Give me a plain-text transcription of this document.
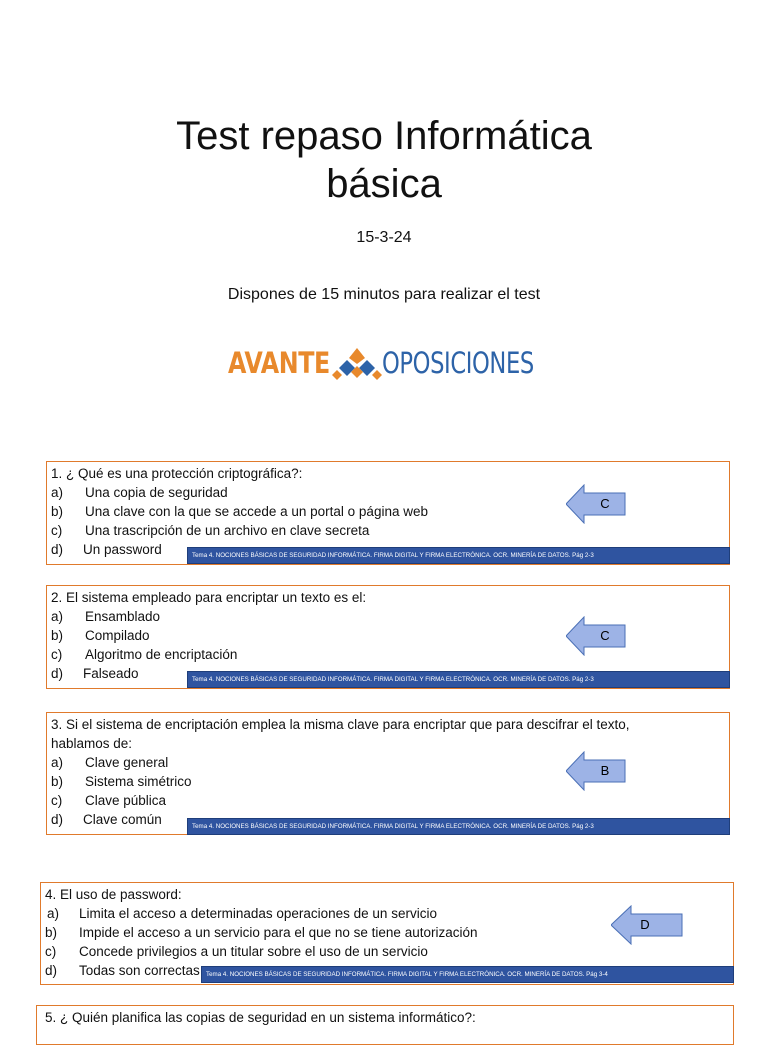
Test repaso Informática
básica
15-3-24
Dispones de 15 minutos para realizar el test
AVANTE OPOSICIONES
1. ¿ Qué es una protección criptográfica?:
a)	Una copia de seguridad
b)	Una clave con la que se accede a un portal o página web
c)	Una trascripción de un archivo en clave secreta
d)	Un password	Tema 4. NOCIONES BÁSICAS DE SEGURIDAD INFORMÁTICA. FIRMA DIGITAL Y FIRMA ELECTRÓNICA. OCR. MINERÍA DE DATOS. Pág 2-3
C
2. El sistema empleado para encriptar un texto es el:
a)	Ensamblado
b)	Compilado
c)	Algoritmo de encriptación
d)	Falseado	Tema 4. NOCIONES BÁSICAS DE SEGURIDAD INFORMÁTICA. FIRMA DIGITAL Y FIRMA ELECTRÓNICA. OCR. MINERÍA DE DATOS. Pág 2-3
C
3. Si el sistema de encriptación emplea la misma clave para encriptar que para descifrar el texto,
hablamos de:
a)	Clave general
b)	Sistema simétrico
c)	Clave pública
d)	Clave común	Tema 4. NOCIONES BÁSICAS DE SEGURIDAD INFORMÁTICA. FIRMA DIGITAL Y FIRMA ELECTRÓNICA. OCR. MINERÍA DE DATOS. Pág 2-3
B
4. El uso de password:
a)	Limita el acceso a determinadas operaciones de un servicio
b)	Impide el acceso a un servicio para el que no se tiene autorización
c)	Concede privilegios a un titular sobre el uso de un servicio
d)	Todas son correctas Tema 4. NOCIONES BÁSICAS DE SEGURIDAD INFORMÁTICA. FIRMA DIGITAL Y FIRMA ELECTRÓNICA. OCR. MINERÍA DE DATOS. Pág 3-4
D
5. ¿ Quién planifica las copias de seguridad en un sistema informático?:
